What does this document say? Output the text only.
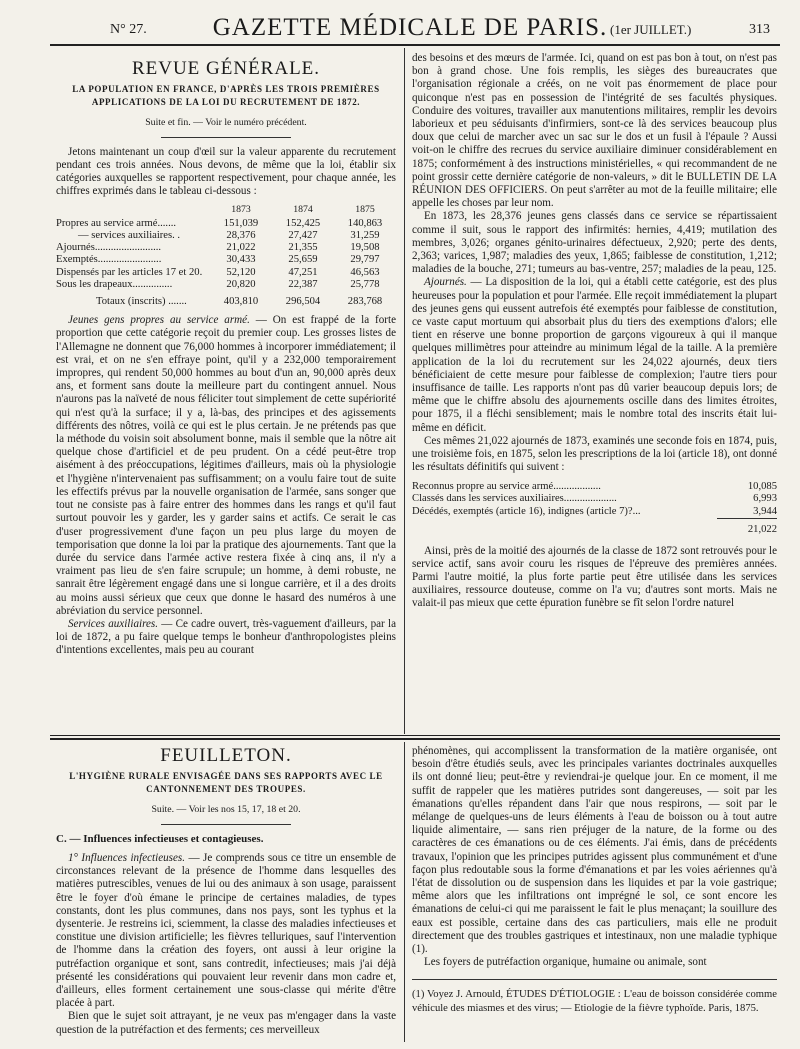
N° 27.	GAZETTE MÉDICALE DE PARIS. (1er JUILLET.)	313
REVUE GÉNÉRALE.
LA POPULATION EN FRANCE, D'APRÈS LES TROIS PREMIÈRES APPLICATIONS DE LA LOI DU RECRUTEMENT DE 1872.
Suite et fin. — Voir le numéro précédent.

Jetons maintenant un coup d'œil sur la valeur apparente du recrutement pendant ces trois années. Nous devons, de même que la loi, établir six catégories auxquelles se rapportent respectivement, pour chaque année, les chiffres exprimés dans le tableau ci-dessous :

	1873	1874	1875
Propres au service armé.......	151,039	152,425	140,863
— services auxiliaires. .	28,376	27,427	31,259
Ajournés.........................	21,022	21,355	19,508
Exemptés........................	30,433	25,659	29,797
Dispensés par les articles 17 et 20.	52,120	47,251	46,563
Sous les drapeaux...............	20,820	22,387	25,778
Totaux (inscrits) .......	403,810	296,504	283,768

Jeunes gens propres au service armé. — On est frappé de la forte proportion que cette catégorie reçoit du premier coup. Les grosses listes de l'Allemagne ne donnent que 76,000 hommes à incorporer immédiatement; il est vrai, et on ne s'en effraye point, qu'il y a 232,000 temporairement impropres, qui rendent 50,000 hommes au bout d'un an, 90,000 après deux ans, et forment sans doute la meilleure part du contingent annuel. Nous n'aurons pas la naïveté de nous féliciter tout simplement de cette supériorité qui n'est qu'à la surface; il y a, là-bas, des principes et des agissements différents des nôtres, voilà ce qui est le plus certain. Je ne prétends pas que la méthode du voisin soit absolument bonne, mais il semble que la nôtre ait quelque chose d'artificiel et de peu prudent. On a cédé peut-être trop aisément à des préoccupations, légitimes d'ailleurs, mais où la physiologie et l'hygiène n'intervenaient pas suffisamment; on a voulu faire tout de suite les effectifs prévus par la nouvelle organisation de l'armée, sans songer que tout ne consiste pas à faire entrer des hommes dans les rangs et qu'il faut surtout pouvoir les y garder, les y garder sains et actifs. Ce serait le cas d'user progressivement d'une façon un peu plus large du moyen de temporisation que donne la loi par la pratique des ajournements. Tant que la durée du service dans l'armée active restera fixée à cinq ans, il n'y a vraiment pas lieu de s'en faire scrupule; un homme, à demi robuste, ne sanrait être légèrement engagé dans une si longue carrière, et il a des droits au moins aussi sérieux que ceux que donne le hasard des numéros à une abréviation du service personnel.

Services auxiliaires. — Ce cadre ouvert, très-vaguement d'ailleurs, par la loi de 1872, a pu faire quelque temps le bonheur d'anthropologistes pleins d'intentions excellentes, mais peu au courant

des besoins et des mœurs de l'armée. Ici, quand on est pas bon à tout, on n'est pas bon à grand chose. Une fois remplis, les sièges des bureaucrates que l'organisation régionale a créés, on ne voit pas énormement de place pour quiconque n'est pas en possession de l'intégrité de ses facultés physiques. Conduire des voitures, travailler aux manutentions militaires, remplir les devoirs laborieux et peu séduisants d'infirmiers, sont-ce là des services beaucoup plus doux que celui de marcher avec un sac sur le dos et un fusil à l'épaule ? Aussi voit-on le chiffre des recrues du service auxiliaire diminuer considérablement en 1875; conformément à des instructions ministérielles, « qui recommandent de ne point grossir cette dernière catégorie de non-valeurs, » dit le BULLETIN DE LA RÉUNION DES OFFICIERS. On peut s'arrêter au mot de la feuille militaire; elle appelle les choses par leur nom.

En 1873, les 28,376 jeunes gens classés dans ce service se répartissaient comme il suit, sous le rapport des infirmités: hernies, 4,419; mutilation des membres, 3,026; organes génito-urinaires défectueux, 2,920; perte des dents, 2,363; varices, 1,987; maladies des yeux, 1,865; faiblesse de constitution, 1,212; maladies de la bouche, 271; tumeurs au bas-ventre, 257; maladies de la peau, 125.

Ajournés. — La disposition de la loi, qui a établi cette catégorie, est des plus heureuses pour la population et pour l'armée. Elle reçoit immédiatement la plupart des jeunes gens qui eussent autrefois été exemptés pour faiblesse de constitution, ce vaste caput mortuum qui absorbait plus du tiers des exemptions d'alors; elle tient en réserve une bonne proportion de garçons vigoureux à qui il manque quelques millimètres pour atteindre au minimum légal de la taille. A la première application de la loi du recrutement sur les 24,022 ajournés, deux tiers bénéficiaient de cette mesure pour faiblesse de complexion; l'autre tiers pour insuffisance de taille. Les rapports n'ont pas dû varier beaucoup depuis lors; de même que le chiffre absolu des ajournements oscille dans des limites étroites, pour 1875, il a fléchi sensiblement; mais le nombre total des inscrits était lui-même en déficit.

Ces mêmes 21,022 ajournés de 1873, examinés une seconde fois en 1874, puis, une troisième fois, en 1875, selon les prescriptions de la loi (article 18), ont donné les résultats définitifs qui suivent :

Reconnus propre au service armé..................	10,085
Classés dans les services auxiliaires....................	6,993
Décédés, exemptés (article 16), indignes (article 7)?...	3,944
	21,022

Ainsi, près de la moitié des ajournés de la classe de 1872 sont retrouvés pour le service actif, sans avoir couru les risques de l'épreuve des premières années. Parmi l'autre moitié, la plus forte partie peut être utilisée dans les services auxiliaires, ressource douteuse, comme on l'a vu; d'autres sont morts. Mais ne valait-il pas mieux que cette épuration funèbre se fît selon l'ordre naturel

FEUILLETON.
L'HYGIÈNE RURALE ENVISAGÉE DANS SES RAPPORTS AVEC LE CANTONNEMENT DES TROUPES.
Suite. — Voir les nos 15, 17, 18 et 20.
C. — Influences infectieuses et contagieuses.

1° Influences infectieuses. — Je comprends sous ce titre un ensemble de circonstances relevant de la présence de l'homme dans lesquelles des matières putrescibles, venues de lui ou des animaux à son usage, paraissent être le foyer d'où émane le principe de certaines maladies, de types constants, dont les plus communes, dans nos pays, sont les typhus et la dysenterie. Je restreins ici, sciemment, la classe des maladies infectieuses et constitue une division artificielle; les fièvres telluriques, sauf l'intervention de l'homme dans la création des foyers, ont aussi à leur origine la putréfaction organique et sont, sans contredit, infectieuses; mais j'ai déjà présenté les considérations qui pouvaient leur revenir dans mon cadre et, d'ailleurs, elles forment certainement une sous-classe qui mérite d'être placée à part.

Bien que le sujet soit attrayant, je ne veux pas m'engager dans la vaste question de la putréfaction et des ferments; ces merveilleux

phénomènes, qui accomplissent la transformation de la matière organisée, ont besoin d'être étudiés seuls, avec les principales variantes doctrinales auxquelles ils ont donné lieu; peut-être y reviendrai-je quelque jour. En ce moment, il me suffit de rappeler que les matières putrides sont dangereuses, — soit par les émanations qu'elles répandent dans l'air que nous respirons, — soit par le mélange de quelques-uns de leurs éléments à l'eau de boisson ou à tout autre liquide alimentaire, — sans rien préjuger de la nature, de la forme ou des caractères de ces émanations ou de ces éléments. J'ai émis, dans de précédents travaux, l'opinion que les principes putrides agissent plus communément et d'une façon plus redoutable sous la forme d'émanations et par les voies aériennes qu'à l'état de dissolution ou de suspension dans les liquides et par la voie gastrique; même alors que les infiltrations ont imprégné le sol, ce sont encore les émanations de celui-ci qui me paraissent le fait le plus menaçant; la souillure des eaux est possible, certaine dans des cas particuliers, mais elle ne produit directement que des troubles gastriques et intestinaux, non une maladie typhique (1).

Les foyers de putréfaction organique, humaine ou animale, sont

(1) Voyez J. Arnould, ÉTUDES D'ÉTIOLOGIE : L'eau de boisson considérée comme véhicule des miasmes et des virus; — Etiologie de la fièvre typhoïde. Paris, 1875.
